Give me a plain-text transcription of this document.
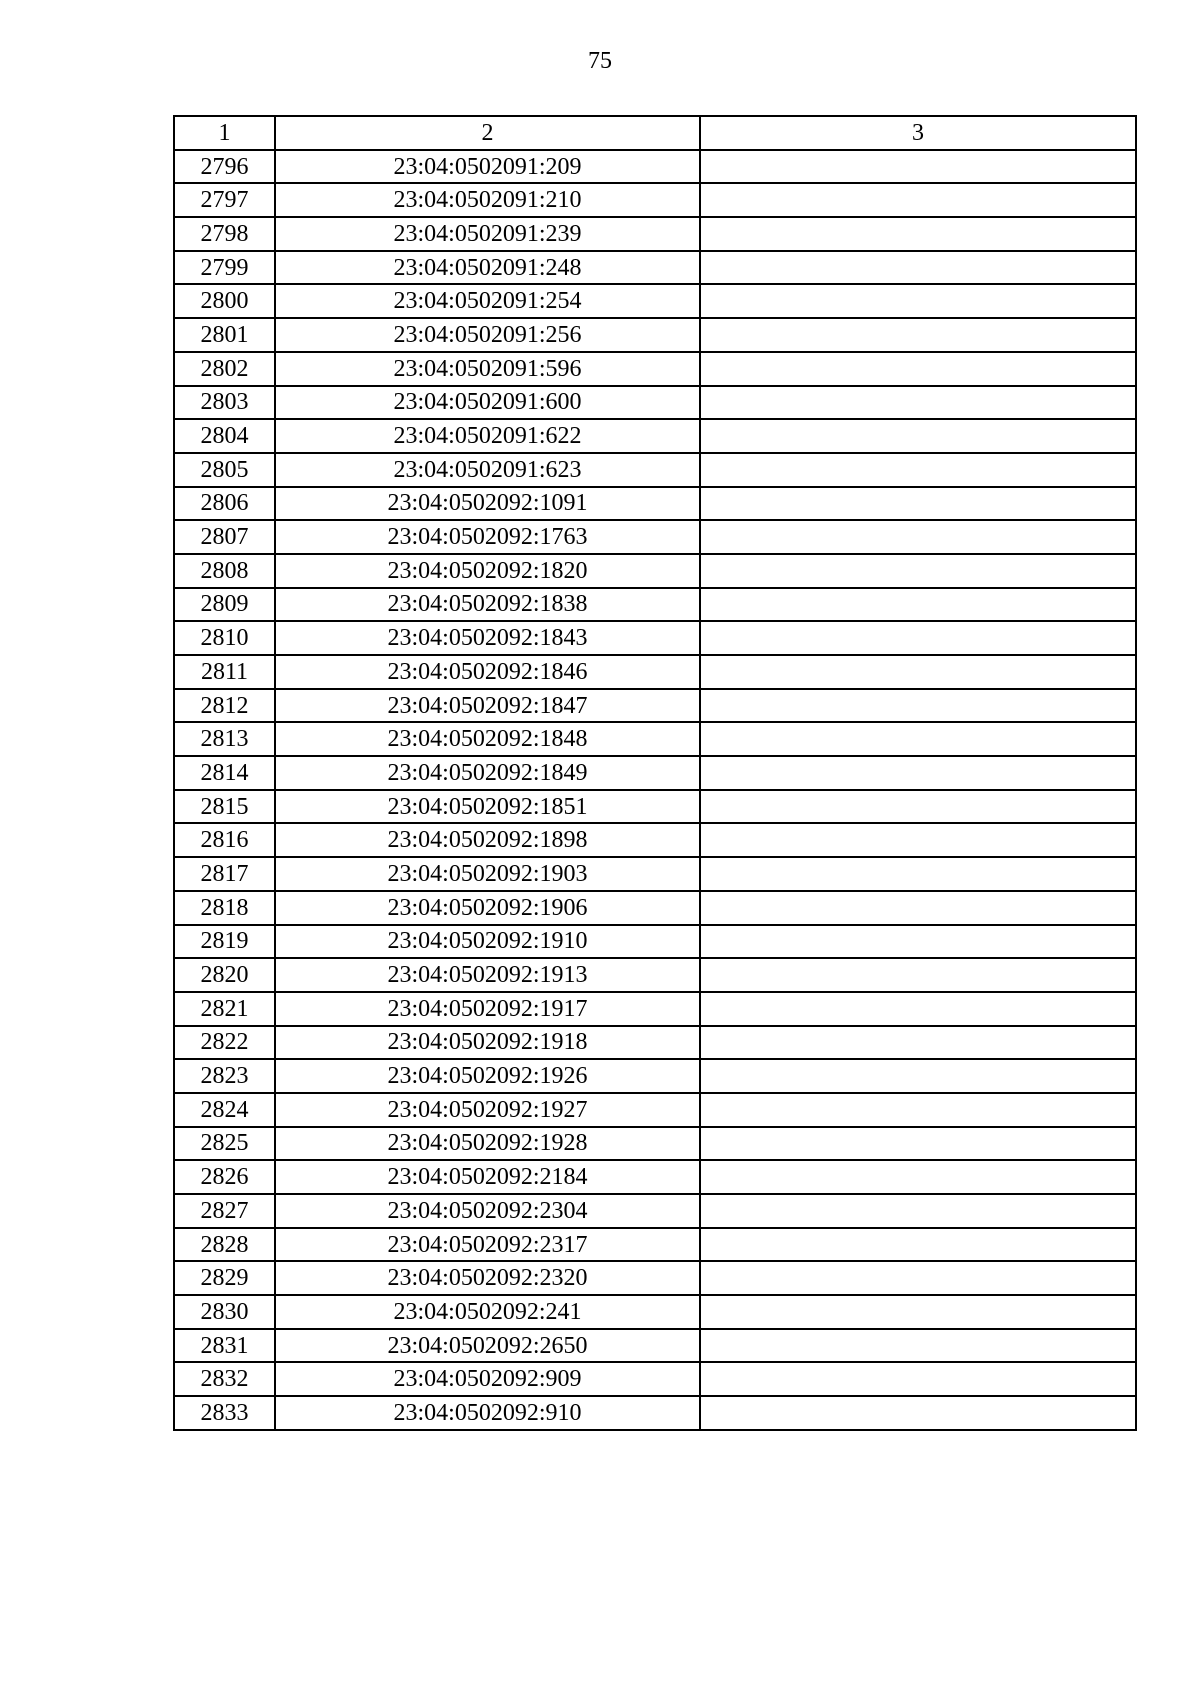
75
1	2	3
2796	23:04:0502091:209	
2797	23:04:0502091:210	
2798	23:04:0502091:239	
2799	23:04:0502091:248	
2800	23:04:0502091:254	
2801	23:04:0502091:256	
2802	23:04:0502091:596	
2803	23:04:0502091:600	
2804	23:04:0502091:622	
2805	23:04:0502091:623	
2806	23:04:0502092:1091	
2807	23:04:0502092:1763	
2808	23:04:0502092:1820	
2809	23:04:0502092:1838	
2810	23:04:0502092:1843	
2811	23:04:0502092:1846	
2812	23:04:0502092:1847	
2813	23:04:0502092:1848	
2814	23:04:0502092:1849	
2815	23:04:0502092:1851	
2816	23:04:0502092:1898	
2817	23:04:0502092:1903	
2818	23:04:0502092:1906	
2819	23:04:0502092:1910	
2820	23:04:0502092:1913	
2821	23:04:0502092:1917	
2822	23:04:0502092:1918	
2823	23:04:0502092:1926	
2824	23:04:0502092:1927	
2825	23:04:0502092:1928	
2826	23:04:0502092:2184	
2827	23:04:0502092:2304	
2828	23:04:0502092:2317	
2829	23:04:0502092:2320	
2830	23:04:0502092:241	
2831	23:04:0502092:2650	
2832	23:04:0502092:909	
2833	23:04:0502092:910	
